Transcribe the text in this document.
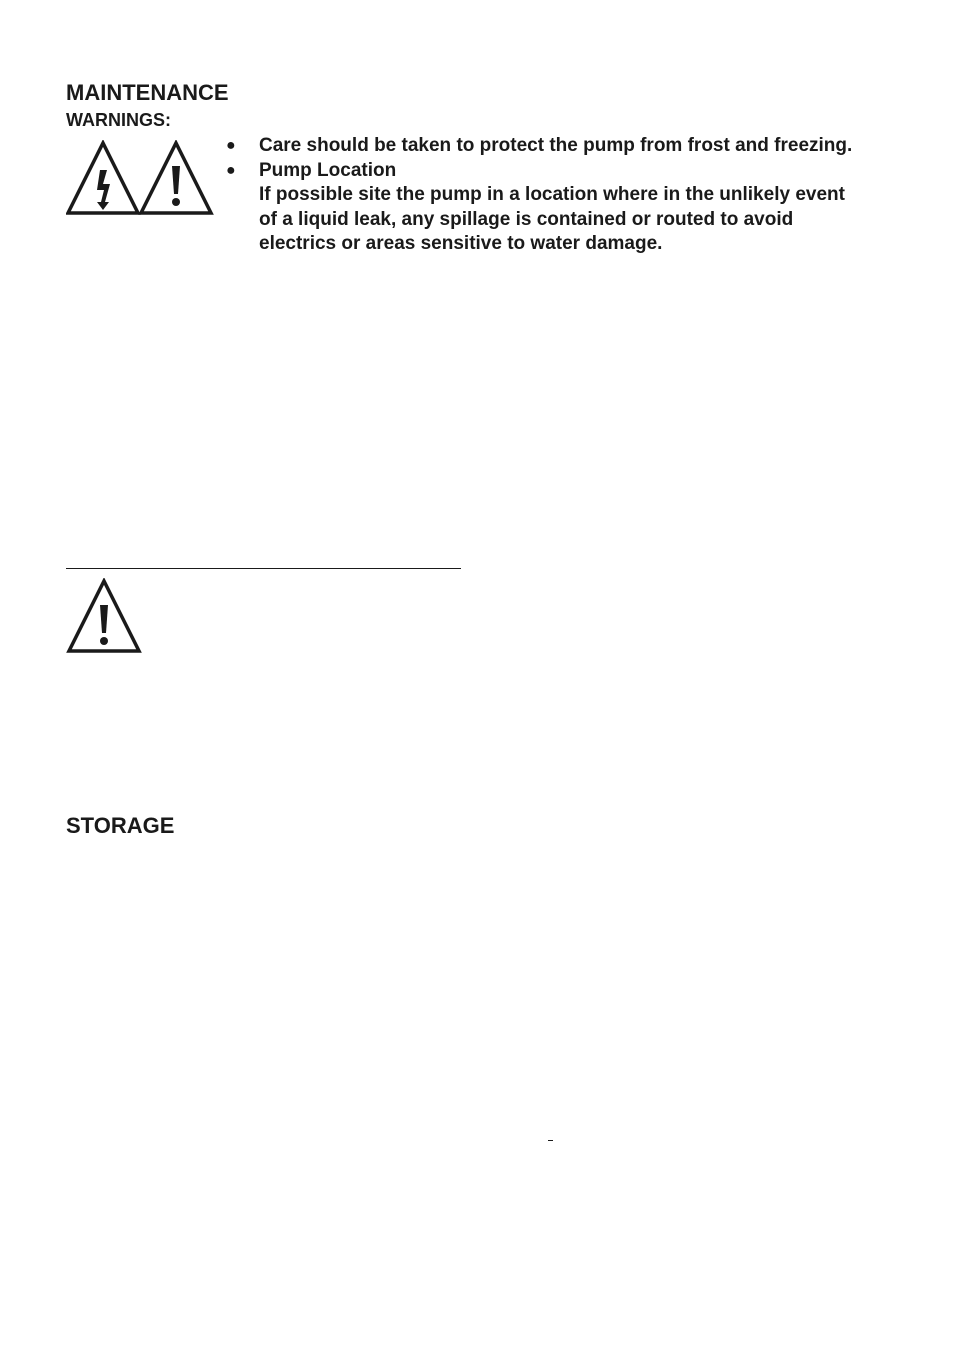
MAINTENANCE
WARNINGS:
● Care should be taken to protect the pump from frost and freezing.
● Pump Location
If possible site the pump in a location where in the unlikely event of a liquid leak, any spillage is contained or routed to avoid electrics or areas sensitive to water damage.
STORAGE
